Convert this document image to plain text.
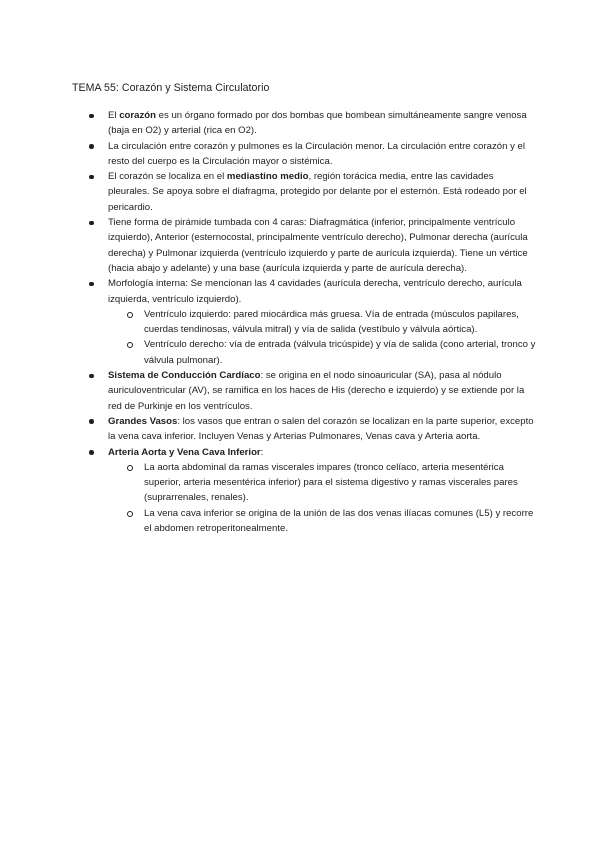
TEMA 55: Corazón y Sistema Circulatorio
El corazón es un órgano formado por dos bombas que bombean simultáneamente sangre venosa (baja en O2) y arterial (rica en O2).
La circulación entre corazón y pulmones es la Circulación menor. La circulación entre corazón y el resto del cuerpo es la Circulación mayor o sistémica.
El corazón se localiza en el mediastino medio, región torácica media, entre las cavidades pleurales. Se apoya sobre el diafragma, protegido por delante por el esternón. Está rodeado por el pericardio.
Tiene forma de pirámide tumbada con 4 caras: Diafragmática (inferior, principalmente ventrículo izquierdo), Anterior (esternocostal, principalmente ventrículo derecho), Pulmonar derecha (aurícula derecha) y Pulmonar izquierda (ventrículo izquierdo y parte de aurícula izquierda). Tiene un vértice (hacia abajo y adelante) y una base (aurícula izquierda y parte de aurícula derecha).
Morfología interna: Se mencionan las 4 cavidades (aurícula derecha, ventrículo derecho, aurícula izquierda, ventrículo izquierdo).
Ventrículo izquierdo: pared miocárdica más gruesa. Vía de entrada (músculos papilares, cuerdas tendinosas, válvula mitral) y vía de salida (vestíbulo y válvula aórtica).
Ventrículo derecho: vía de entrada (válvula tricúspide) y vía de salida (cono arterial, tronco y válvula pulmonar).
Sistema de Conducción Cardíaco: se origina en el nodo sinoauricular (SA), pasa al nódulo auriculoventricular (AV), se ramifica en los haces de His (derecho e izquierdo) y se extiende por la red de Purkinje en los ventrículos.
Grandes Vasos: los vasos que entran o salen del corazón se localizan en la parte superior, excepto la vena cava inferior. Incluyen Venas y Arterias Pulmonares, Venas cava y Arteria aorta.
Arteria Aorta y Vena Cava Inferior:
La aorta abdominal da ramas viscerales impares (tronco celíaco, arteria mesentérica superior, arteria mesentérica inferior) para el sistema digestivo y ramas viscerales pares (suprarrenales, renales).
La vena cava inferior se origina de la unión de las dos venas ilíacas comunes (L5) y recorre el abdomen retroperitonealmente.
